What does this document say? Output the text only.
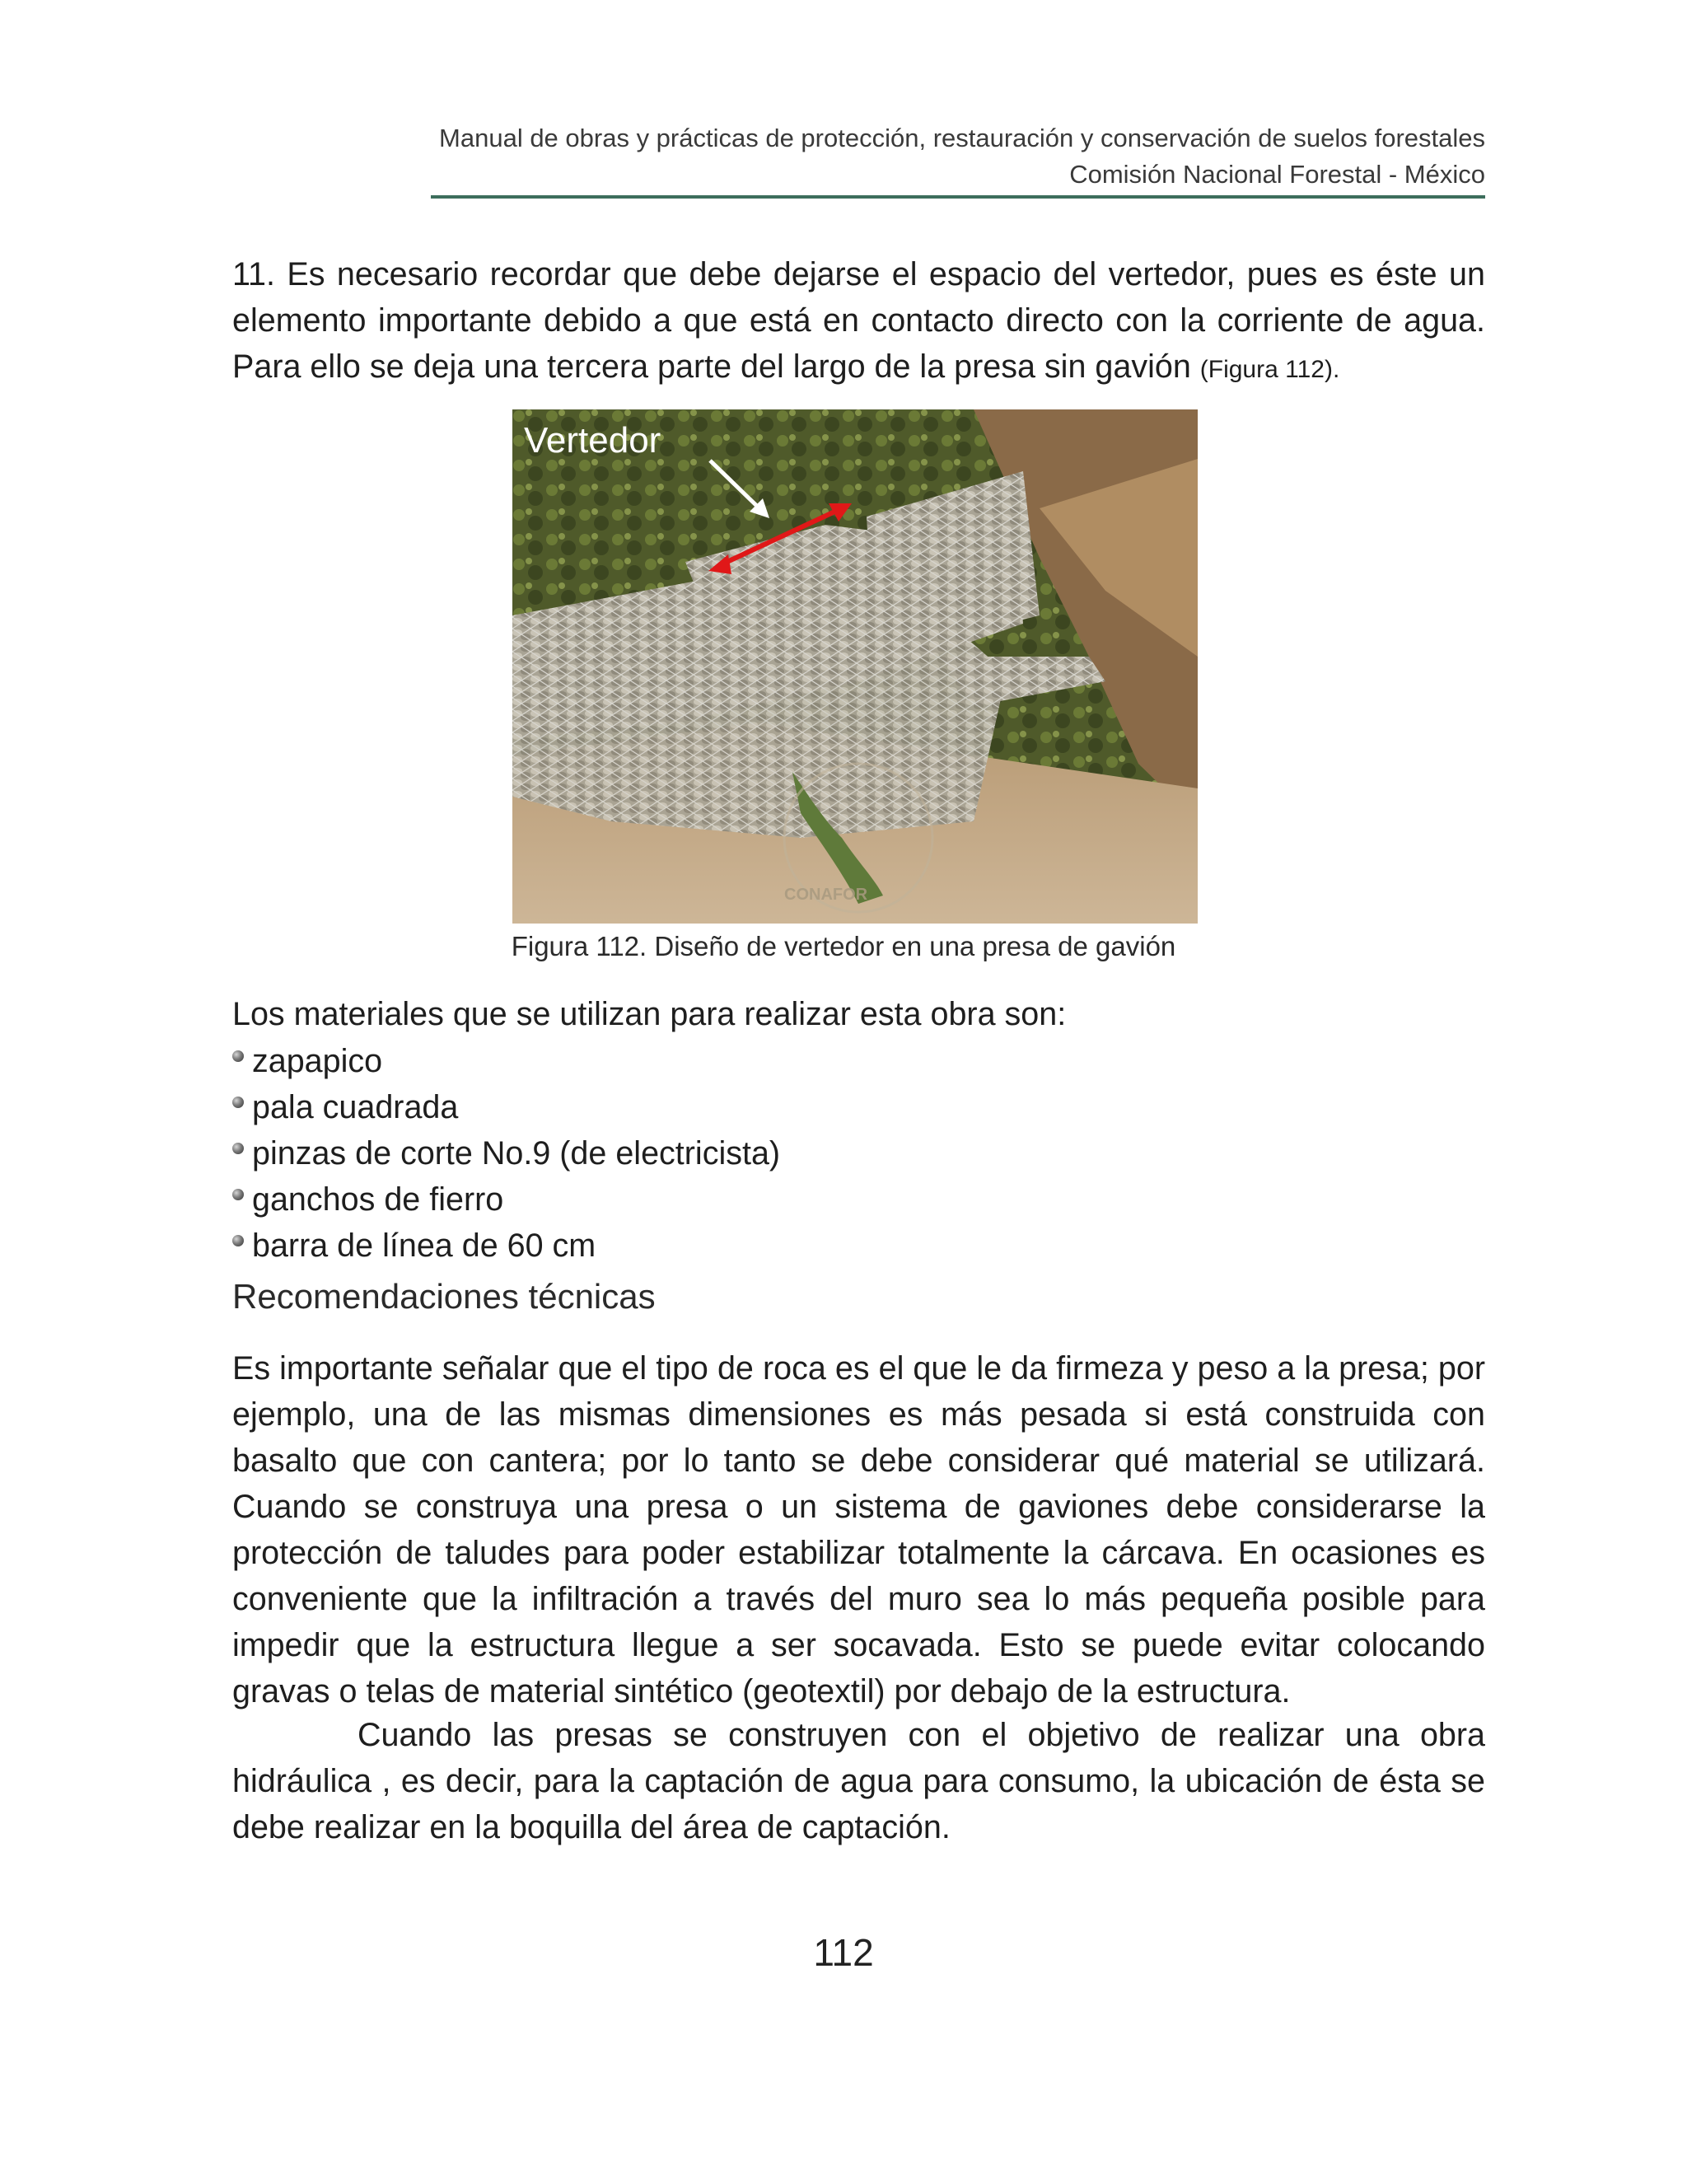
Manual de obras y prácticas de protección, restauración y conservación de suelos forestales
Comisión Nacional Forestal - México

11. Es necesario recordar que debe dejarse el espacio del vertedor, pues es éste un elemento importante debido a que está en contacto directo con la corriente de agua. Para ello se deja una tercera parte del largo de la presa sin gavión (Figura 112).

CONAFOR
Vertedor
Figura 112. Diseño de vertedor en una presa de gavión
Los materiales que se utilizan para realizar esta obra son:
zapapico
pala cuadrada
pinzas de corte No.9 (de electricista)
ganchos de fierro
barra de línea de 60 cm
Recomendaciones técnicas

Es importante señalar que el tipo de roca es el que le da firmeza y peso a la presa; por ejemplo, una de las mismas dimensiones es más pesada si está construida con basalto que con cantera; por lo tanto se debe considerar qué material se utilizará. Cuando se construya una presa o un sistema de gaviones debe considerarse la protección de taludes para poder estabilizar totalmente la cárcava. En ocasiones es conveniente que la infiltración a través del muro sea lo más pequeña posible para impedir que la estructura llegue a ser socavada. Esto se puede evitar colocando gravas o telas de material sintético (geotextil) por debajo de la estructura.

Cuando las presas se construyen con el objetivo de realizar una obra hidráulica , es decir, para la captación de agua para consumo, la ubicación de ésta se debe realizar en la boquilla del área de captación.

112
